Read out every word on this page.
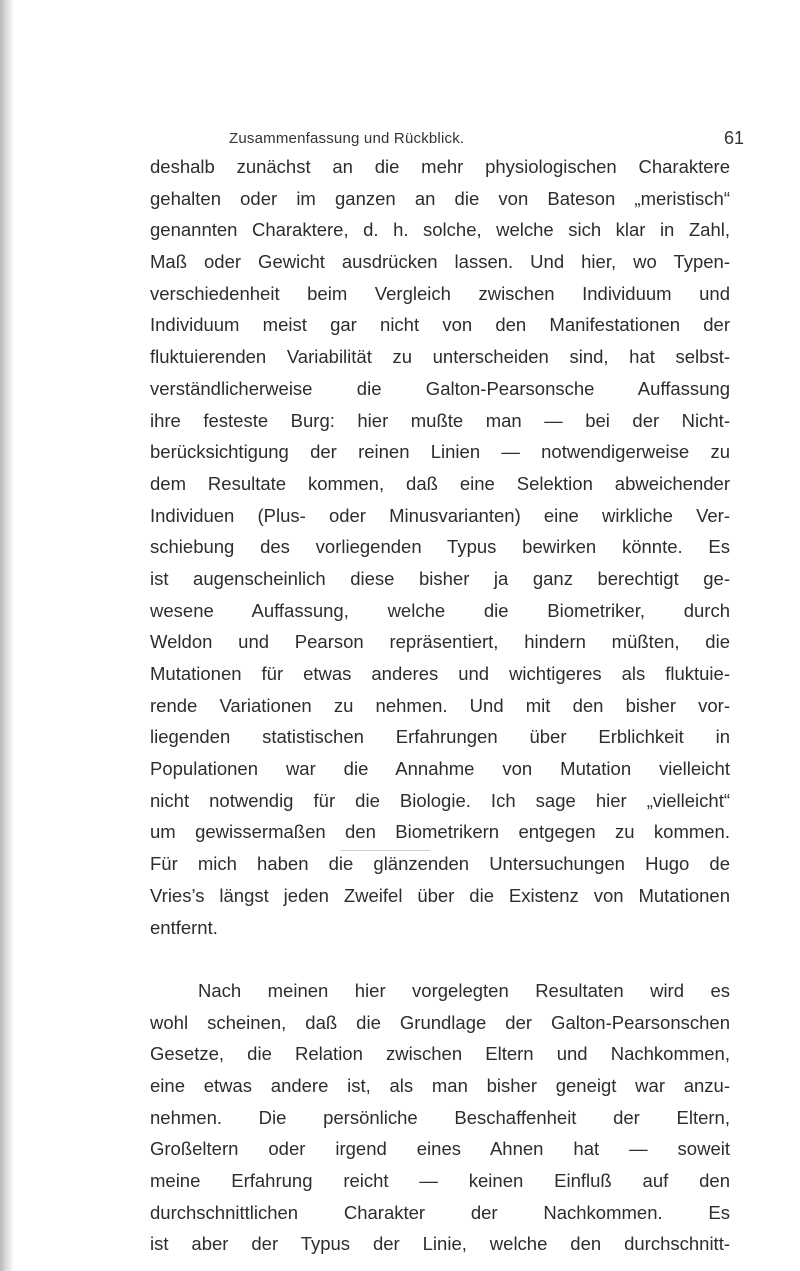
Zusammenfassung und Rückblick.	61
deshalb zunächst an die mehr physiologischen Charaktere
gehalten oder im ganzen an die von Bateson „meristisch“
genannten Charaktere, d. h. solche, welche sich klar in Zahl,
Maß oder Gewicht ausdrücken lassen. Und hier, wo Typen-
verschiedenheit beim Vergleich zwischen Individuum und
Individuum meist gar nicht von den Manifestationen der
fluktuierenden Variabilität zu unterscheiden sind, hat selbst-
verständlicherweise die Galton-Pearsonsche Auffassung
ihre festeste Burg: hier mußte man — bei der Nicht-
berücksichtigung der reinen Linien — notwendigerweise zu
dem Resultate kommen, daß eine Selektion abweichender
Individuen (Plus- oder Minusvarianten) eine wirkliche Ver-
schiebung des vorliegenden Typus bewirken könnte. Es
ist augenscheinlich diese bisher ja ganz berechtigt ge-
wesene Auffassung, welche die Biometriker, durch
Weldon und Pearson repräsentiert, hindern müßten, die
Mutationen für etwas anderes und wichtigeres als fluktuie-
rende Variationen zu nehmen. Und mit den bisher vor-
liegenden statistischen Erfahrungen über Erblichkeit in
Populationen war die Annahme von Mutation vielleicht
nicht notwendig für die Biologie. Ich sage hier „vielleicht“
um gewissermaßen den Biometrikern entgegen zu kommen.
Für mich haben die glänzenden Untersuchungen Hugo de
Vries’s längst jeden Zweifel über die Existenz von Mutationen
entfernt.
Nach meinen hier vorgelegten Resultaten wird es
wohl scheinen, daß die Grundlage der Galton-Pearsonschen
Gesetze, die Relation zwischen Eltern und Nachkommen,
eine etwas andere ist, als man bisher geneigt war anzu-
nehmen. Die persönliche Beschaffenheit der Eltern,
Großeltern oder irgend eines Ahnen hat — soweit
meine Erfahrung reicht — keinen Einfluß auf den
durchschnittlichen Charakter der Nachkommen. Es
ist aber der Typus der Linie, welche den durchschnitt-
